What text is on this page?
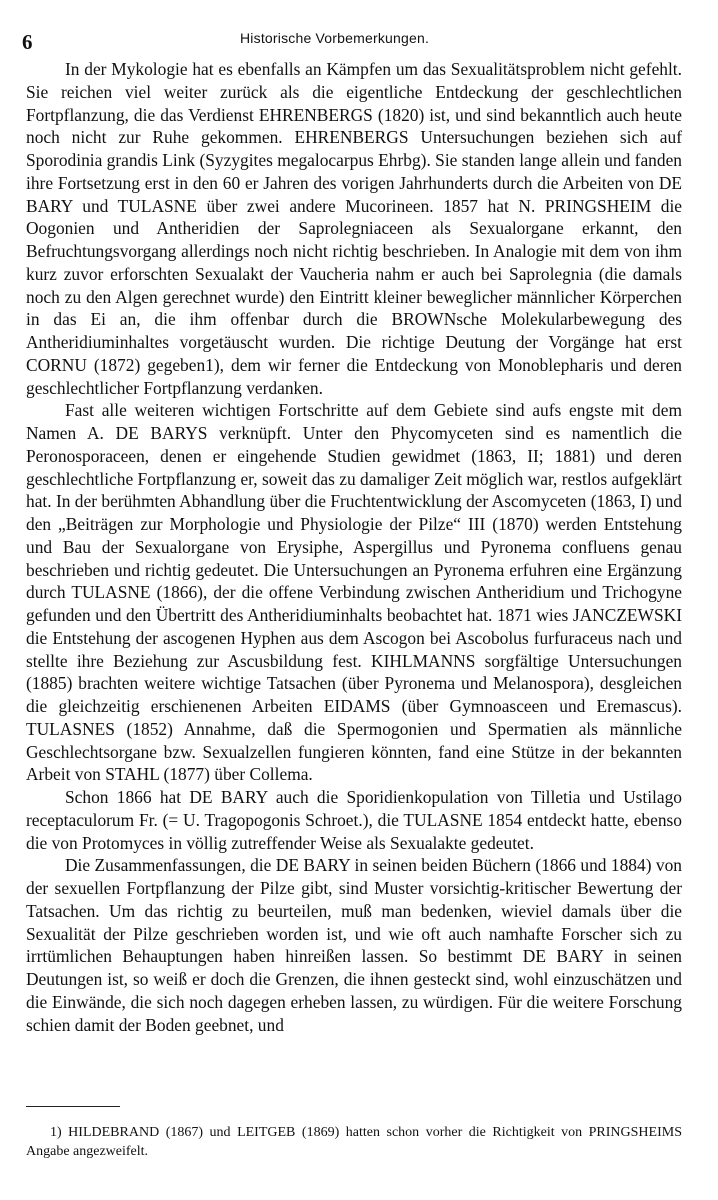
6	Historische Vorbemerkungen.

In der Mykologie hat es ebenfalls an Kämpfen um das Sexualitätsproblem nicht gefehlt. Sie reichen viel weiter zurück als die eigentliche Entdeckung der geschlechtlichen Fortpflanzung, die das Verdienst EHRENBERGS (1820) ist, und sind bekanntlich auch heute noch nicht zur Ruhe gekommen. EHRENBERGS Untersuchungen beziehen sich auf Sporodinia grandis Link (Syzygites megalocarpus Ehrbg). Sie standen lange allein und fanden ihre Fortsetzung erst in den 60 er Jahren des vorigen Jahrhunderts durch die Arbeiten von DE BARY und TULASNE über zwei andere Mucorineen. 1857 hat N. PRINGSHEIM die Oogonien und Antheridien der Saprolegniaceen als Sexualorgane erkannt, den Befruchtungsvorgang allerdings noch nicht richtig beschrieben. In Analogie mit dem von ihm kurz zuvor erforschten Sexualakt der Vaucheria nahm er auch bei Saprolegnia (die damals noch zu den Algen gerechnet wurde) den Eintritt kleiner beweglicher männlicher Körperchen in das Ei an, die ihm offenbar durch die BROWNsche Molekularbewegung des Antheridiuminhaltes vorgetäuscht wurden. Die richtige Deutung der Vorgänge hat erst CORNU (1872) gegeben1), dem wir ferner die Entdeckung von Monoblepharis und deren geschlechtlicher Fortpflanzung verdanken.

Fast alle weiteren wichtigen Fortschritte auf dem Gebiete sind aufs engste mit dem Namen A. DE BARYS verknüpft. Unter den Phycomyceten sind es namentlich die Peronosporaceen, denen er eingehende Studien gewidmet (1863, II; 1881) und deren geschlechtliche Fortpflanzung er, soweit das zu damaliger Zeit möglich war, restlos aufgeklärt hat. In der berühmten Abhandlung über die Fruchtentwicklung der Ascomyceten (1863, I) und den „Beiträgen zur Morphologie und Physiologie der Pilze“ III (1870) werden Entstehung und Bau der Sexualorgane von Erysiphe, Aspergillus und Pyronema confluens genau beschrieben und richtig gedeutet. Die Untersuchungen an Pyronema erfuhren eine Ergänzung durch TULASNE (1866), der die offene Verbindung zwischen Antheridium und Trichogyne gefunden und den Übertritt des Antheridiuminhalts beobachtet hat. 1871 wies JANCZEWSKI die Entstehung der ascogenen Hyphen aus dem Ascogon bei Ascobolus furfuraceus nach und stellte ihre Beziehung zur Ascusbildung fest. KIHLMANNS sorgfältige Untersuchungen (1885) brachten weitere wichtige Tatsachen (über Pyronema und Melanospora), desgleichen die gleichzeitig erschienenen Arbeiten EIDAMS (über Gymnoasceen und Eremascus). TULASNES (1852) Annahme, daß die Spermogonien und Spermatien als männliche Geschlechtsorgane bzw. Sexualzellen fungieren könnten, fand eine Stütze in der bekannten Arbeit von STAHL (1877) über Collema.

Schon 1866 hat DE BARY auch die Sporidienkopulation von Tilletia und Ustilago receptaculorum Fr. (= U. Tragopogonis Schroet.), die TULASNE 1854 entdeckt hatte, ebenso die von Protomyces in völlig zutreffender Weise als Sexualakte gedeutet.

Die Zusammenfassungen, die DE BARY in seinen beiden Büchern (1866 und 1884) von der sexuellen Fortpflanzung der Pilze gibt, sind Muster vorsichtig-kritischer Bewertung der Tatsachen. Um das richtig zu beurteilen, muß man bedenken, wieviel damals über die Sexualität der Pilze geschrieben worden ist, und wie oft auch namhafte Forscher sich zu irrtümlichen Behauptungen haben hinreißen lassen. So bestimmt DE BARY in seinen Deutungen ist, so weiß er doch die Grenzen, die ihnen gesteckt sind, wohl einzuschätzen und die Einwände, die sich noch dagegen erheben lassen, zu würdigen. Für die weitere Forschung schien damit der Boden geebnet, und

1) HILDEBRAND (1867) und LEITGEB (1869) hatten schon vorher die Richtigkeit von PRINGSHEIMS Angabe angezweifelt.
